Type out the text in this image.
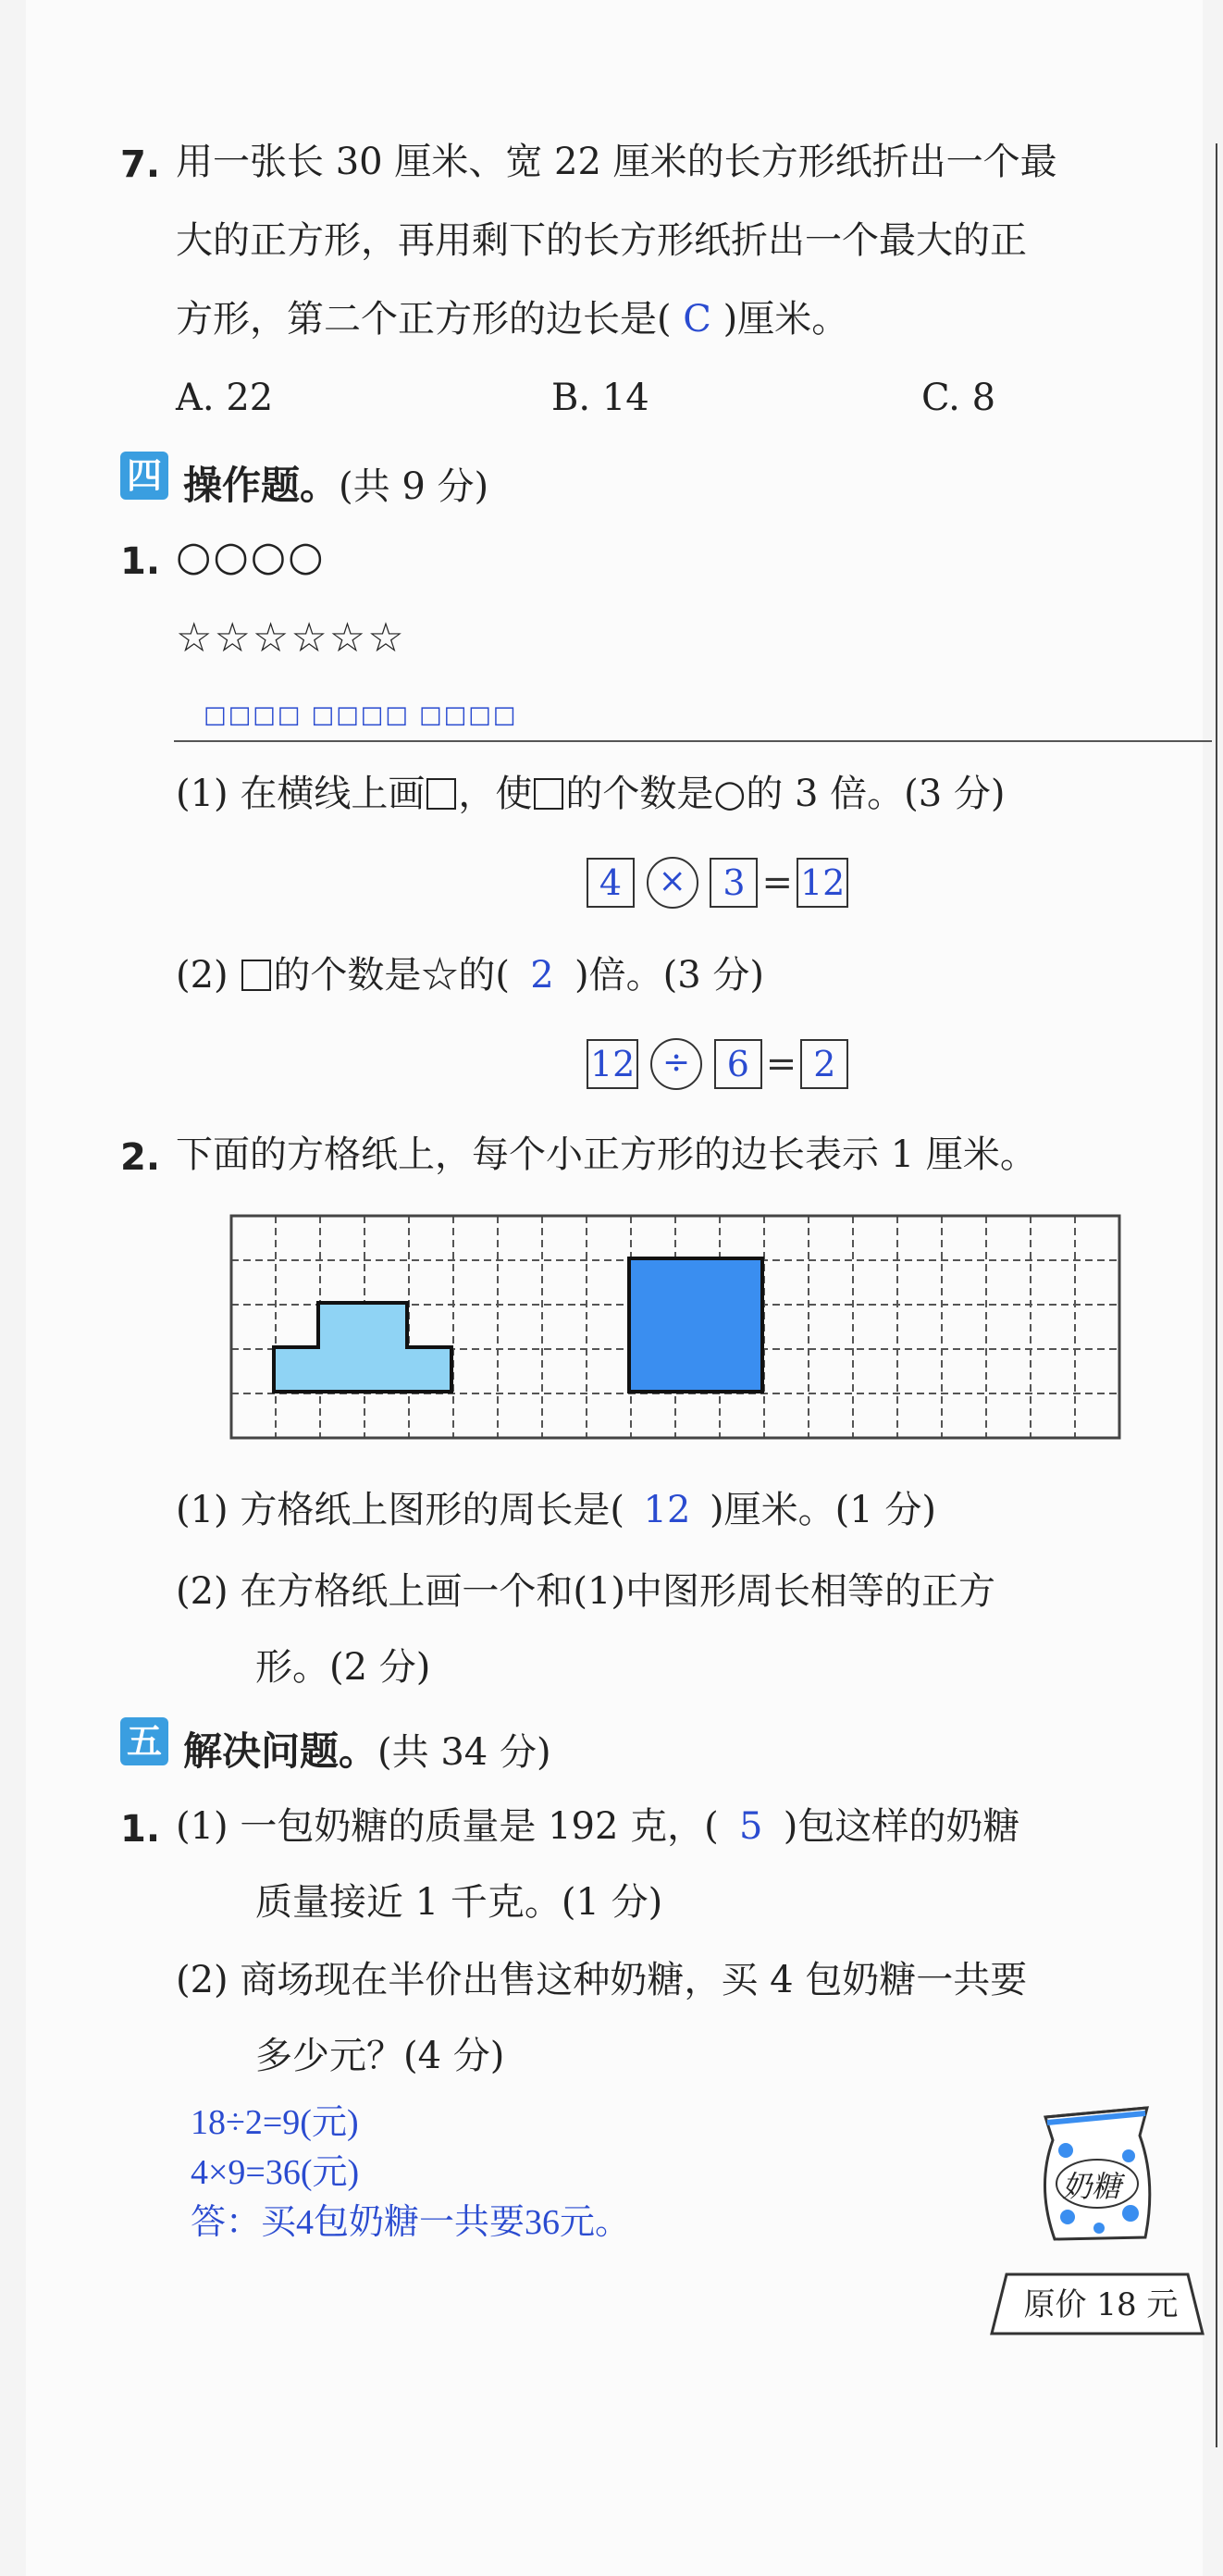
7. 用一张长 30 厘米、宽 22 厘米的长方形纸折出一个最
大的正方形，再用剩下的长方形纸折出一个最大的正
方形，第二个正方形的边长是( C )厘米。
A. 22	B. 14	C. 8
四 操作题。(共 9 分)
1. ○○○○
☆☆☆☆☆☆
□□□□ □□□□ □□□□
(1) 在横线上画 ，使 的个数是○的 3 倍。(3 分)
4 × 3 = 12
(2) 的个数是☆的( 2 )倍。(3 分)
12 ÷ 6 = 2
2. 下面的方格纸上，每个小正方形的边长表示 1 厘米。
(1) 方格纸上图形的周长是( 12 )厘米。(1 分)
(2) 在方格纸上画一个和(1)中图形周长相等的正方
形。(2 分)
五 解决问题。(共 34 分)
1. (1) 一包奶糖的质量是 192 克，( 5 )包这样的奶糖
质量接近 1 千克。(1 分)
(2) 商场现在半价出售这种奶糖，买 4 包奶糖一共要
多少元？(4 分)
18÷2=9(元)
4×9=36(元)
答：买4包奶糖一共要36元。
奶糖
原价 18 元
